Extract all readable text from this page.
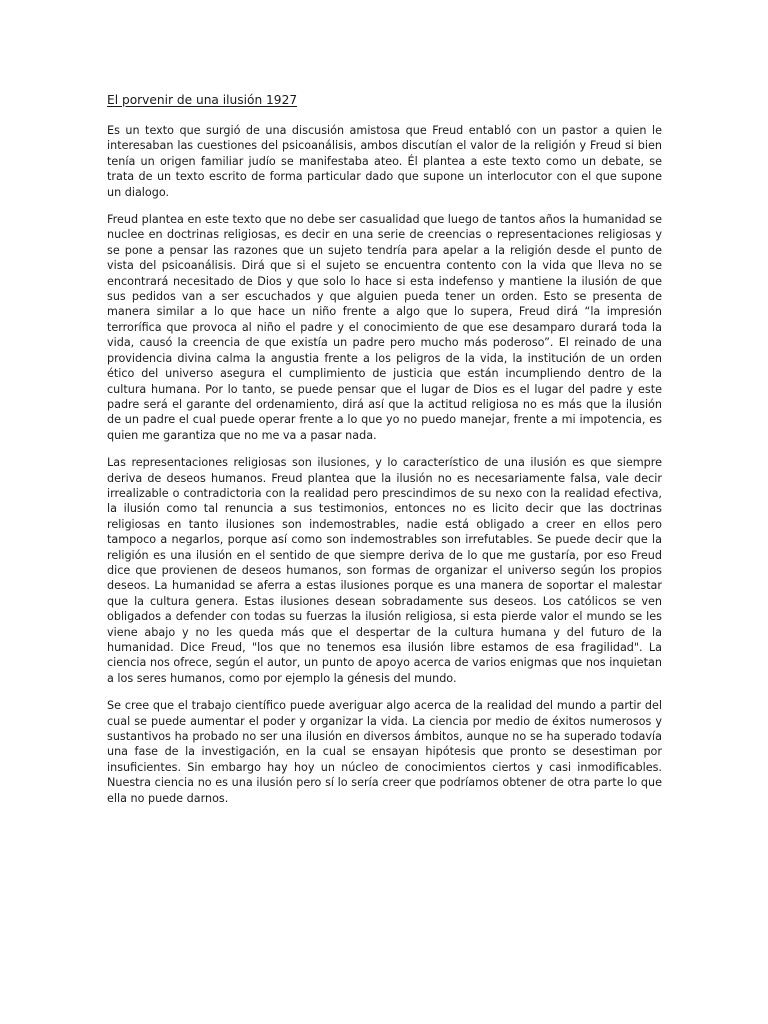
El porvenir de una ilusión 1927

Es un texto que surgió de una discusión amistosa que Freud entabló con un pastor a quien le interesaban las cuestiones del psicoanálisis, ambos discutían el valor de la religión y Freud si bien tenía un origen familiar judío se manifestaba ateo. Él plantea a este texto como un debate, se trata de un texto escrito de forma particular dado que supone un interlocutor con el que supone un dialogo.

Freud plantea en este texto que no debe ser casualidad que luego de tantos años la humanidad se nuclee en doctrinas religiosas, es decir en una serie de creencias o representaciones religiosas y se pone a pensar las razones que un sujeto tendría para apelar a la religión desde el punto de vista del psicoanálisis. Dirá que si el sujeto se encuentra contento con la vida que lleva no se encontrará necesitado de Dios y que solo lo hace si esta indefenso y mantiene la ilusión de que sus pedidos van a ser escuchados y que alguien pueda tener un orden. Esto se presenta de manera similar a lo que hace un niño frente a algo que lo supera, Freud dirá “la impresión terrorífica que provoca al niño el padre y el conocimiento de que ese desamparo durará toda la vida, causó la creencia de que existía un padre pero mucho más poderoso”. El reinado de una providencia divina calma la angustia frente a los peligros de la vida, la institución de un orden ético del universo asegura el cumplimiento de justicia que están incumpliendo dentro de la cultura humana. Por lo tanto, se puede pensar que el lugar de Dios es el lugar del padre y este padre será el garante del ordenamiento, dirá así que la actitud religiosa no es más que la ilusión de un padre el cual puede operar frente a lo que yo no puedo manejar, frente a mi impotencia, es quien me garantiza que no me va a pasar nada.

Las representaciones religiosas son ilusiones, y lo característico de una ilusión es que siempre deriva de deseos humanos. Freud plantea que la ilusión no es necesariamente falsa, vale decir irrealizable o contradictoria con la realidad pero prescindimos de su nexo con la realidad efectiva, la ilusión como tal renuncia a sus testimonios, entonces no es licito decir que las doctrinas religiosas en tanto ilusiones son indemostrables, nadie está obligado a creer en ellos pero tampoco a negarlos, porque así como son indemostrables son irrefutables. Se puede decir que la religión es una ilusión en el sentido de que siempre deriva de lo que me gustaría, por eso Freud dice que provienen de deseos humanos, son formas de organizar el universo según los propios deseos. La humanidad se aferra a estas ilusiones porque es una manera de soportar el malestar que la cultura genera. Estas ilusiones desean sobradamente sus deseos. Los católicos se ven obligados a defender con todas su fuerzas la ilusión religiosa, si esta pierde valor el mundo se les viene abajo y no les queda más que el despertar de la cultura humana y del futuro de la humanidad. Dice Freud, "los que no tenemos esa ilusión libre estamos de esa fragilidad". La ciencia nos ofrece, según el autor, un punto de apoyo acerca de varios enigmas que nos inquietan a los seres humanos, como por ejemplo la génesis del mundo.

Se cree que el trabajo científico puede averiguar algo acerca de la realidad del mundo a partir del cual se puede aumentar el poder y organizar la vida. La ciencia por medio de éxitos numerosos y sustantivos ha probado no ser una ilusión en diversos ámbitos, aunque no se ha superado todavía una fase de la investigación, en la cual se ensayan hipótesis que pronto se desestiman por insuficientes. Sin embargo hay hoy un núcleo de conocimientos ciertos y casi inmodificables. Nuestra ciencia no es una ilusión pero sí lo sería creer que podríamos obtener de otra parte lo que ella no puede darnos.
